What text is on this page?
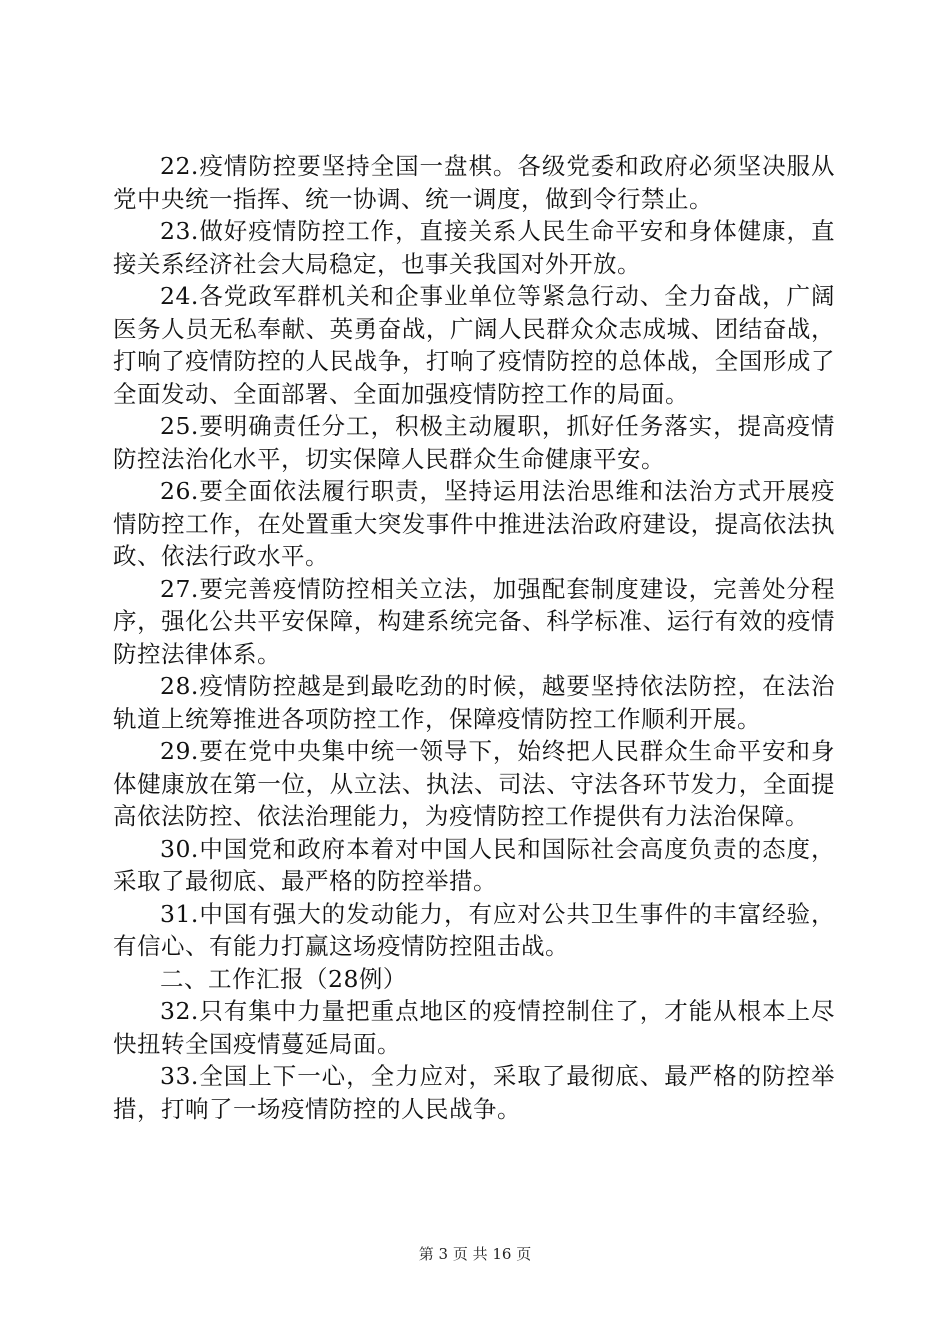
22.疫情防控要坚持全国一盘棋。各级党委和政府必须坚决服从党中央统一指挥、统一协调、统一调度，做到令行禁止。

23.做好疫情防控工作，直接关系人民生命平安和身体健康，直接关系经济社会大局稳定，也事关我国对外开放。

24.各党政军群机关和企事业单位等紧急行动、全力奋战，广阔医务人员无私奉献、英勇奋战，广阔人民群众众志成城、团结奋战，打响了疫情防控的人民战争，打响了疫情防控的总体战，全国形成了全面发动、全面部署、全面加强疫情防控工作的局面。

25.要明确责任分工，积极主动履职，抓好任务落实，提高疫情防控法治化水平，切实保障人民群众生命健康平安。

26.要全面依法履行职责，坚持运用法治思维和法治方式开展疫情防控工作，在处置重大突发事件中推进法治政府建设，提高依法执政、依法行政水平。

27.要完善疫情防控相关立法，加强配套制度建设，完善处分程序，强化公共平安保障，构建系统完备、科学标准、运行有效的疫情防控法律体系。

28.疫情防控越是到最吃劲的时候，越要坚持依法防控，在法治轨道上统筹推进各项防控工作，保障疫情防控工作顺利开展。

29.要在党中央集中统一领导下，始终把人民群众生命平安和身体健康放在第一位，从立法、执法、司法、守法各环节发力，全面提高依法防控、依法治理能力，为疫情防控工作提供有力法治保障。

30.中国党和政府本着对中国人民和国际社会高度负责的态度，采取了最彻底、最严格的防控举措。

31.中国有强大的发动能力，有应对公共卫生事件的丰富经验，有信心、有能力打赢这场疫情防控阻击战。

二、工作汇报（28例）

32.只有集中力量把重点地区的疫情控制住了，才能从根本上尽快扭转全国疫情蔓延局面。

33.全国上下一心，全力应对，采取了最彻底、最严格的防控举措，打响了一场疫情防控的人民战争。

第 3 页 共 16 页
